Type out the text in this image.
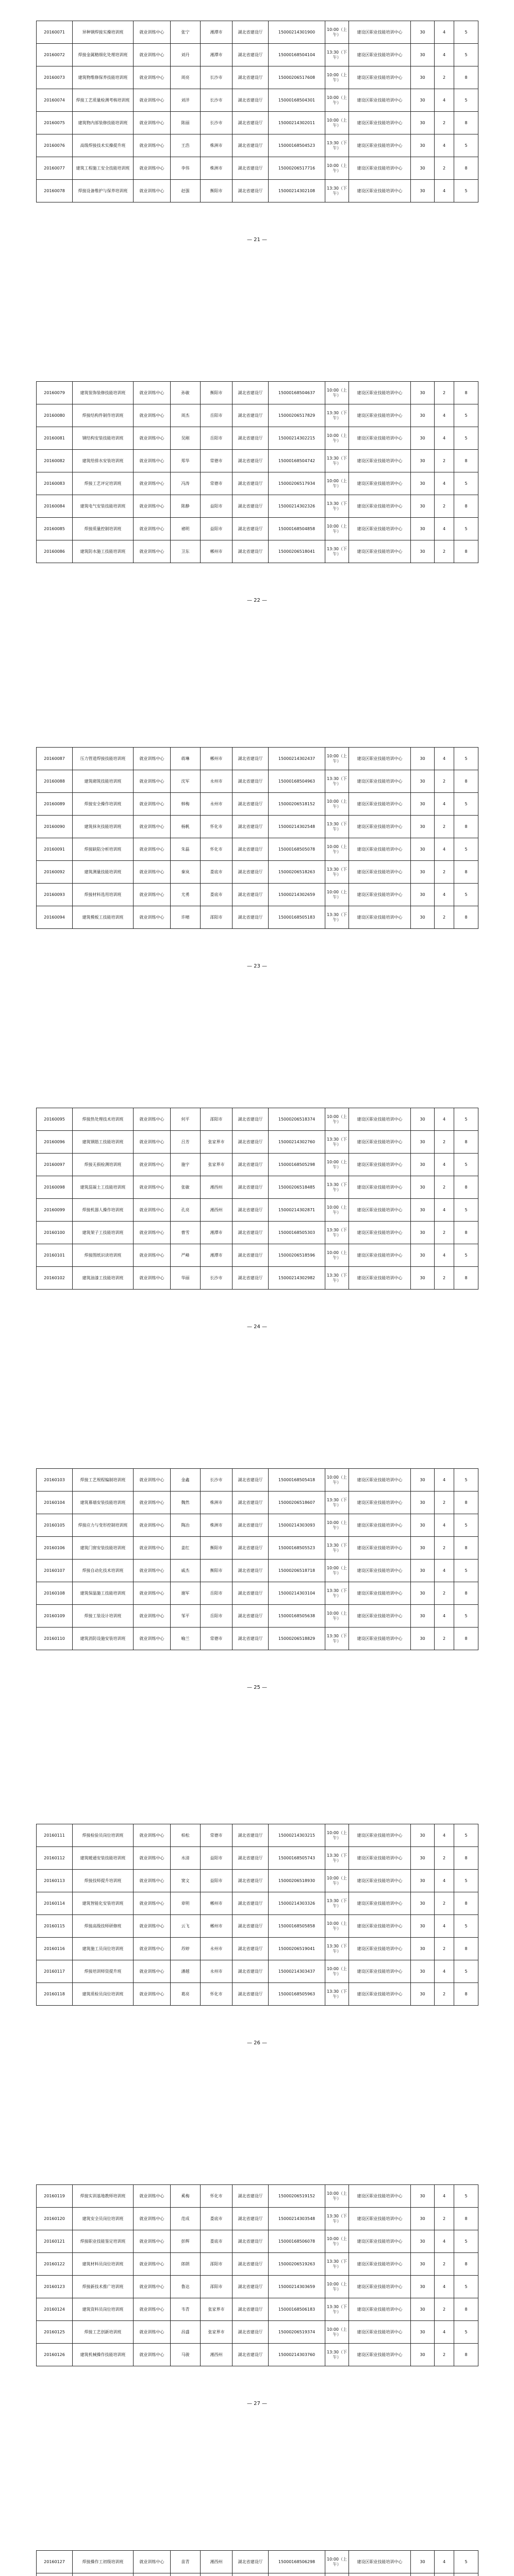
20160071	异种钢焊接实操培训班	就业训练中心	张宁	湘潭市	湖北省建设厅	15000214301900	10:00（上午）	建设区职业技能培训中心	30	4	5
20160072	焊接金属精细化处理培训班	就业训练中心	刘丹	湘潭市	湖北省建设厅	15000168504104	13:30（下午）	建设区职业技能培训中心	30	4	5
20160073	建筑物维修保养技能培训班	就业训练中心	周亮	长沙市	湖北省建设厅	15000206517608	10:00（上午）	建设区职业技能培训中心	30	2	8
20160074	焊接工艺质量检测考核培训班	就业训练中心	刘洋	长沙市	湖北省建设厅	15000168504301	10:00（上午）	建设区职业技能培训中心	30	4	5
20160075	建筑物内部装修技能培训班	就业训练中心	陈丽	长沙市	湖北省建设厅	15000214302011	10:00（上午）	建设区职业技能培训中心	30	2	8
20160076	高级焊接技术实操提升班	就业训练中心	王浩	株洲市	湖北省建设厅	15000168504523	13:30（下午）	建设区职业技能培训中心	30	4	5
20160077	建筑工程施工安全技能培训班	就业训练中心	李伟	株洲市	湖北省建设厅	15000206517716	10:00（上午）	建设区职业技能培训中心	30	2	8
20160078	焊接设备维护与保养培训班	就业训练中心	赵强	衡阳市	湖北省建设厅	15000214302108	13:30（下午）	建设区职业技能培训中心	30	4	5
— 21 —
20160079	建筑装饰装修技能培训班	就业训练中心	孙敏	衡阳市	湖北省建设厅	15000168504637	10:00（上午）	建设区职业技能培训中心	30	2	8
20160080	焊接结构件制作培训班	就业训练中心	周杰	岳阳市	湖北省建设厅	15000206517829	13:30（下午）	建设区职业技能培训中心	30	4	5
20160081	钢结构安装技能培训班	就业训练中心	吴刚	岳阳市	湖北省建设厅	15000214302215	10:00（上午）	建设区职业技能培训中心	30	4	5
20160082	建筑给排水安装培训班	就业训练中心	郑华	常德市	湖北省建设厅	15000168504742	13:30（下午）	建设区职业技能培训中心	30	2	8
20160083	焊接工艺评定培训班	就业训练中心	冯涛	常德市	湖北省建设厅	15000206517934	10:00（上午）	建设区职业技能培训中心	30	4	5
20160084	建筑电气安装技能培训班	就业训练中心	陈静	益阳市	湖北省建设厅	15000214302326	13:30（下午）	建设区职业技能培训中心	30	2	8
20160085	焊接质量控制培训班	就业训练中心	褚明	益阳市	湖北省建设厅	15000168504858	10:00（上午）	建设区职业技能培训中心	30	4	5
20160086	建筑防水施工技能培训班	就业训练中心	卫东	郴州市	湖北省建设厅	15000206518041	13:30（下午）	建设区职业技能培训中心	30	2	8
— 22 —
20160087	压力管道焊接技能培训班	就业训练中心	蒋琳	郴州市	湖北省建设厅	15000214302437	10:00（上午）	建设区职业技能培训中心	30	4	5
20160088	建筑砌筑技能培训班	就业训练中心	沈军	永州市	湖北省建设厅	15000168504963	13:30（下午）	建设区职业技能培训中心	30	2	8
20160089	焊接安全操作培训班	就业训练中心	韩梅	永州市	湖北省建设厅	15000206518152	10:00（上午）	建设区职业技能培训中心	30	4	5
20160090	建筑抹灰技能培训班	就业训练中心	杨帆	怀化市	湖北省建设厅	15000214302548	13:30（下午）	建设区职业技能培训中心	30	2	8
20160091	焊接缺陷分析培训班	就业训练中心	朱磊	怀化市	湖北省建设厅	15000168505078	10:00（上午）	建设区职业技能培训中心	30	4	5
20160092	建筑测量技能培训班	就业训练中心	秦岚	娄底市	湖北省建设厅	15000206518263	13:30（下午）	建设区职业技能培训中心	30	2	8
20160093	焊接材料选用培训班	就业训练中心	尤勇	娄底市	湖北省建设厅	15000214302659	10:00（上午）	建设区职业技能培训中心	30	4	5
20160094	建筑模板工技能培训班	就业训练中心	许晴	邵阳市	湖北省建设厅	15000168505183	13:30（下午）	建设区职业技能培训中心	30	2	8
— 23 —
20160095	焊接热处理技术培训班	就业训练中心	何平	邵阳市	湖北省建设厅	15000206518374	10:00（上午）	建设区职业技能培训中心	30	4	5
20160096	建筑钢筋工技能培训班	就业训练中心	吕芳	张家界市	湖北省建设厅	15000214302760	13:30（下午）	建设区职业技能培训中心	30	2	8
20160097	焊接无损检测培训班	就业训练中心	施宇	张家界市	湖北省建设厅	15000168505298	10:00（上午）	建设区职业技能培训中心	30	4	5
20160098	建筑混凝土工技能培训班	就业训练中心	张敏	湘西州	湖北省建设厅	15000206518485	13:30（下午）	建设区职业技能培训中心	30	2	8
20160099	焊接机器人操作培训班	就业训练中心	孔亮	湘西州	湖北省建设厅	15000214302871	10:00（上午）	建设区职业技能培训中心	30	4	5
20160100	建筑架子工技能培训班	就业训练中心	曹雪	湘潭市	湖北省建设厅	15000168505303	13:30（下午）	建设区职业技能培训中心	30	2	8
20160101	焊接图纸识读培训班	就业训练中心	严峰	湘潭市	湖北省建设厅	15000206518596	10:00（上午）	建设区职业技能培训中心	30	4	5
20160102	建筑油漆工技能培训班	就业训练中心	华丽	长沙市	湖北省建设厅	15000214302982	13:30（下午）	建设区职业技能培训中心	30	2	8
— 24 —
20160103	焊接工艺规程编制培训班	就业训练中心	金鑫	长沙市	湖北省建设厅	15000168505418	10:00（上午）	建设区职业技能培训中心	30	4	5
20160104	建筑幕墙安装技能培训班	就业训练中心	魏然	株洲市	湖北省建设厅	15000206518607	13:30（下午）	建设区职业技能培训中心	30	2	8
20160105	焊接应力与变形控制培训班	就业训练中心	陶冶	株洲市	湖北省建设厅	15000214303093	10:00（上午）	建设区职业技能培训中心	30	4	5
20160106	建筑门窗安装技能培训班	就业训练中心	姜红	衡阳市	湖北省建设厅	15000168505523	13:30（下午）	建设区职业技能培训中心	30	2	8
20160107	焊接自动化技术培训班	就业训练中心	戚杰	衡阳市	湖北省建设厅	15000206518718	10:00（上午）	建设区职业技能培训中心	30	4	5
20160108	建筑保温施工技能培训班	就业训练中心	谢军	岳阳市	湖北省建设厅	15000214303104	13:30（下午）	建设区职业技能培训中心	30	2	8
20160109	焊接工装设计培训班	就业训练中心	邹平	岳阳市	湖北省建设厅	15000168505638	10:00（上午）	建设区职业技能培训中心	30	4	5
20160110	建筑消防设施安装培训班	就业训练中心	喻兰	常德市	湖北省建设厅	15000206518829	13:30（下午）	建设区职业技能培训中心	30	2	8
— 25 —
20160111	焊接检验员岗位培训班	就业训练中心	柏松	常德市	湖北省建设厅	15000214303215	10:00（上午）	建设区职业技能培训中心	30	4	5
20160112	建筑暖通安装技能培训班	就业训练中心	水清	益阳市	湖北省建设厅	15000168505743	13:30（下午）	建设区职业技能培训中心	30	2	8
20160113	焊接技师提升培训班	就业训练中心	窦文	益阳市	湖北省建设厅	15000206518930	10:00（上午）	建设区职业技能培训中心	30	4	5
20160114	建筑智能化安装培训班	就业训练中心	章明	郴州市	湖北省建设厅	15000214303326	13:30（下午）	建设区职业技能培训中心	30	2	8
20160115	焊接高级技师研修班	就业训练中心	云飞	郴州市	湖北省建设厅	15000168505858	10:00（上午）	建设区职业技能培训中心	30	4	5
20160116	建筑施工员岗位培训班	就业训练中心	苏婷	永州市	湖北省建设厅	15000206519041	13:30（下午）	建设区职业技能培训中心	30	2	8
20160117	焊接培训师资提升班	就业训练中心	潘越	永州市	湖北省建设厅	15000214303437	10:00（上午）	建设区职业技能培训中心	30	4	5
20160118	建筑质检员岗位培训班	就业训练中心	葛亮	怀化市	湖北省建设厅	15000168505963	13:30（下午）	建设区职业技能培训中心	30	2	8
— 26 —
20160119	焊接实训基地教师培训班	就业训练中心	奚梅	怀化市	湖北省建设厅	15000206519152	10:00（上午）	建设区职业技能培训中心	30	4	5
20160120	建筑安全员岗位培训班	就业训练中心	范成	娄底市	湖北省建设厅	15000214303548	13:30（下午）	建设区职业技能培训中心	30	2	8
20160121	焊接职业技能鉴定培训班	就业训练中心	彭辉	娄底市	湖北省建设厅	15000168506078	10:00（上午）	建设区职业技能培训中心	30	4	5
20160122	建筑材料员岗位培训班	就业训练中心	郎朗	邵阳市	湖北省建设厅	15000206519263	13:30（下午）	建设区职业技能培训中心	30	2	8
20160123	焊接新技术推广培训班	就业训练中心	鲁达	邵阳市	湖北省建设厅	15000214303659	10:00（上午）	建设区职业技能培训中心	30	4	5
20160124	建筑资料员岗位培训班	就业训练中心	韦青	张家界市	湖北省建设厅	15000168506183	13:30（下午）	建设区职业技能培训中心	30	2	8
20160125	焊接工艺创新培训班	就业训练中心	昌盛	张家界市	湖北省建设厅	15000206519374	10:00（上午）	建设区职业技能培训中心	30	4	5
20160126	建筑机械操作技能培训班	就业训练中心	马骏	湘西州	湖北省建设厅	15000214303760	13:30（下午）	建设区职业技能培训中心	30	2	8
— 27 —
20160127	焊接操作工初级培训班	就业训练中心	苗青	湘西州	湖北省建设厅	15000168506298	10:00（上午）	建设区职业技能培训中心	30	4	5
